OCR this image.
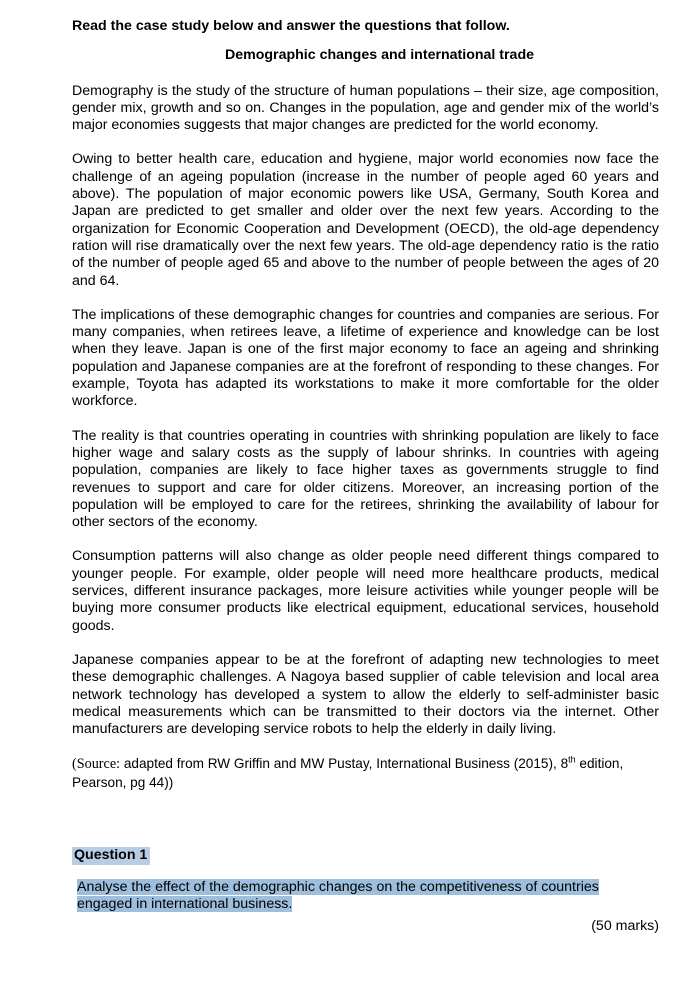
Read the case study below and answer the questions that follow.

Demographic changes and international trade

Demography is the study of the structure of human populations – their size, age composition, gender mix, growth and so on. Changes in the population, age and gender mix of the world’s major economies suggests that major changes are predicted for the world economy.

Owing to better health care, education and hygiene, major world economies now face the challenge of an ageing population (increase in the number of people aged 60 years and above). The population of major economic powers like USA, Germany, South Korea and Japan are predicted to get smaller and older over the next few years. According to the organization for Economic Cooperation and Development (OECD), the old-age dependency ration will rise dramatically over the next few years. The old-age dependency ratio is the ratio of the number of people aged 65 and above to the number of people between the ages of 20 and 64.

The implications of these demographic changes for countries and companies are serious. For many companies, when retirees leave, a lifetime of experience and knowledge can be lost when they leave. Japan is one of the first major economy to face an ageing and shrinking population and Japanese companies are at the forefront of responding to these changes. For example, Toyota has adapted its workstations to make it more comfortable for the older workforce.

The reality is that countries operating in countries with shrinking population are likely to face higher wage and salary costs as the supply of labour shrinks. In countries with ageing population, companies are likely to face higher taxes as governments struggle to find revenues to support and care for older citizens. Moreover, an increasing portion of the population will be employed to care for the retirees, shrinking the availability of labour for other sectors of the economy.

Consumption patterns will also change as older people need different things compared to younger people. For example, older people will need more healthcare products, medical services, different insurance packages, more leisure activities while younger people will be buying more consumer products like electrical equipment, educational services, household goods.

Japanese companies appear to be at the forefront of adapting new technologies to meet these demographic challenges. A Nagoya based supplier of cable television and local area network technology has developed a system to allow the elderly to self-administer basic medical measurements which can be transmitted to their doctors via the internet. Other manufacturers are developing service robots to help the elderly in daily living.

(Source: adapted from RW Griffin and MW Pustay, International Business (2015), 8th edition, Pearson, pg 44))

Question 1

Analyse the effect of the demographic changes on the competitiveness of countries engaged in international business.

(50 marks)
